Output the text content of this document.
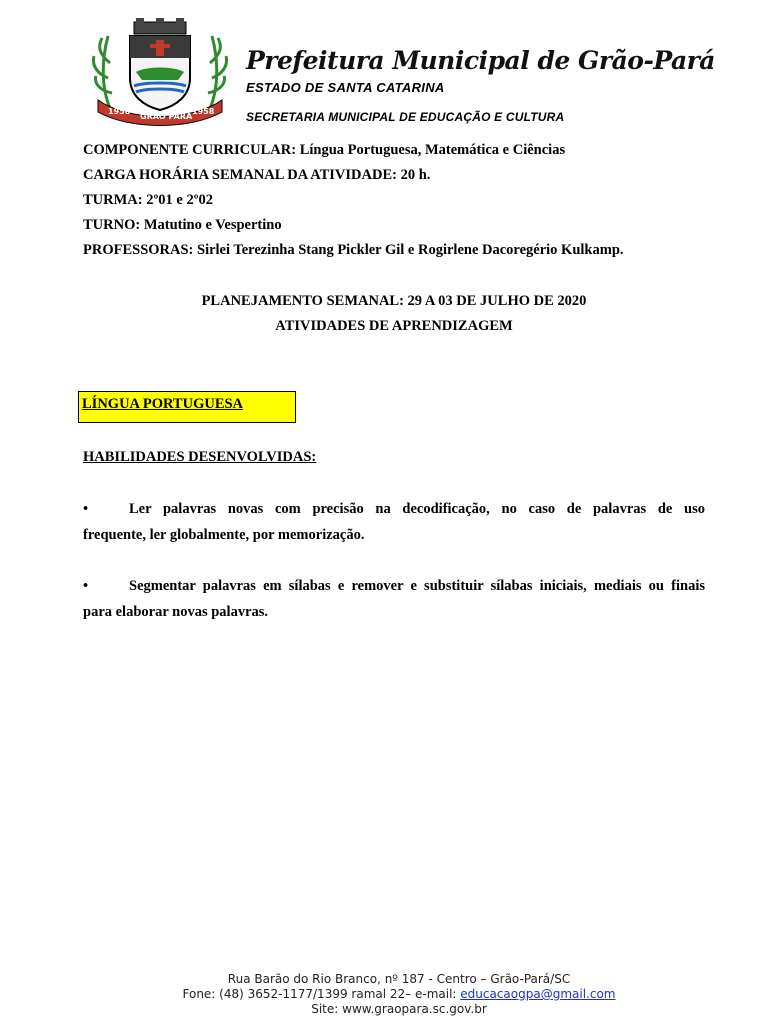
1958
GRÃO PARÁ
1958
Prefeitura Municipal de Grão-Pará
ESTADO DE SANTA CATARINA
SECRETARIA MUNICIPAL DE EDUCAÇÃO E CULTURA
COMPONENTE CURRICULAR: Língua Portuguesa, Matemática e Ciências
CARGA HORÁRIA SEMANAL DA ATIVIDADE: 20 h.
TURMA: 2º01 e 2º02
TURNO: Matutino e Vespertino
PROFESSORAS: Sirlei Terezinha Stang Pickler Gil e Rogirlene Dacoregério Kulkamp.
PLANEJAMENTO SEMANAL: 29 A 03 DE JULHO DE 2020
ATIVIDADES DE APRENDIZAGEM
LÍNGUA PORTUGUESA
HABILIDADES DESENVOLVIDAS:
•	Ler palavras novas com precisão na decodificação, no caso de palavras de uso
frequente, ler globalmente, por memorização.
•	Segmentar palavras em sílabas e remover e substituir sílabas iniciais, mediais ou finais
para elaborar novas palavras.
Rua Barão do Rio Branco, nº 187 - Centro – Grão-Pará/SC
Fone: (48) 3652-1177/1399 ramal 22– e-mail: educacaogpa@gmail.com
Site: www.graopara.sc.gov.br
